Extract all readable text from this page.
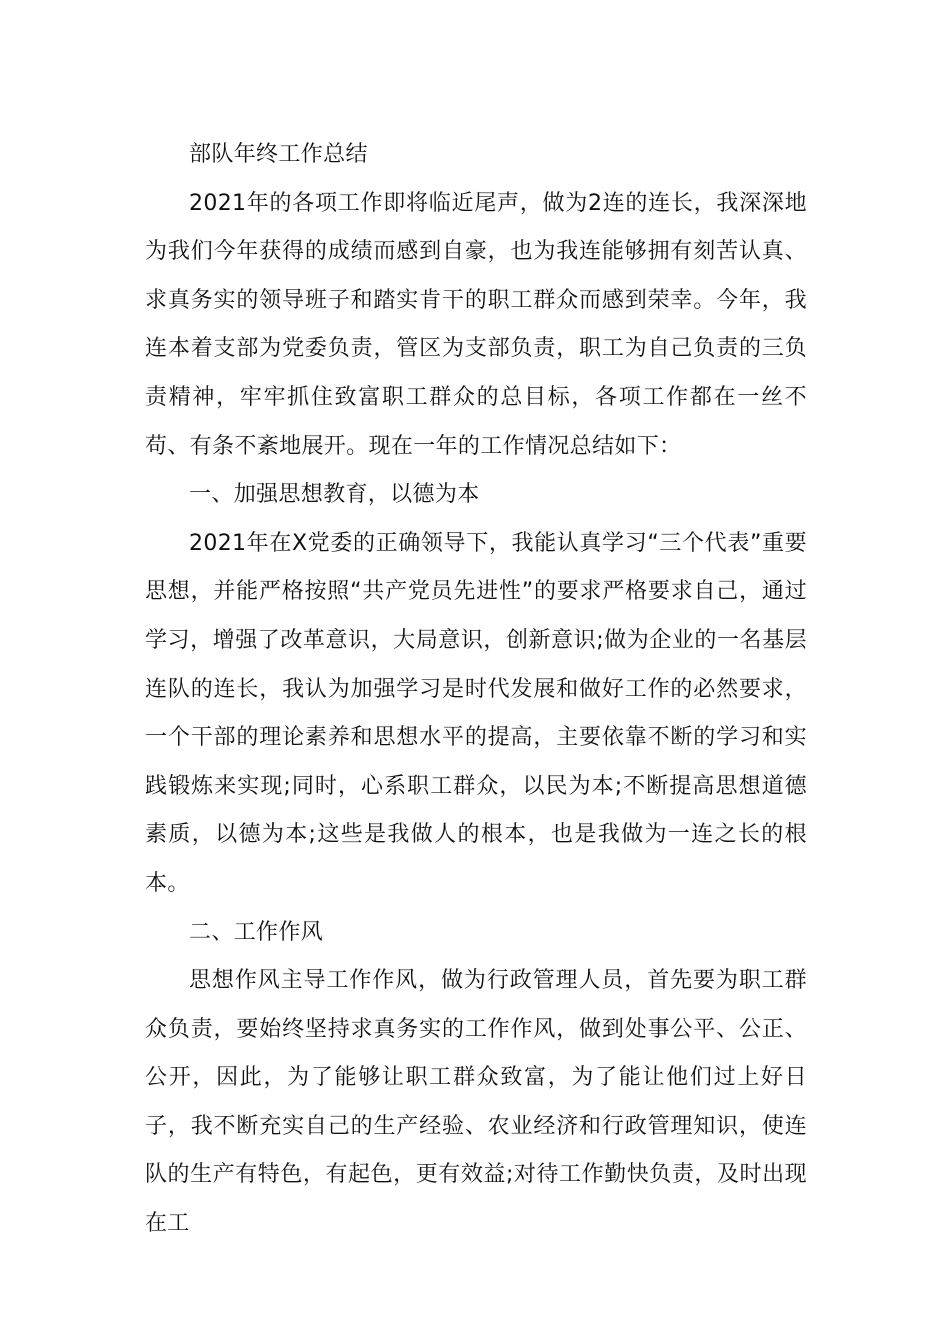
部队年终工作总结

2021年的各项工作即将临近尾声，做为2连的连长，我深深地为我们今年获得的成绩而感到自豪，也为我连能够拥有刻苦认真、求真务实的领导班子和踏实肯干的职工群众而感到荣幸。今年，我连本着支部为党委负责，管区为支部负责，职工为自己负责的三负责精神，牢牢抓住致富职工群众的总目标，各项工作都在一丝不苟、有条不紊地展开。现在一年的工作情况总结如下：

一、加强思想教育，以德为本

2021年在X党委的正确领导下，我能认真学习“三个代表”重要思想，并能严格按照“共产党员先进性”的要求严格要求自己，通过学习，增强了改革意识，大局意识，创新意识;做为企业的一名基层连队的连长，我认为加强学习是时代发展和做好工作的必然要求，一个干部的理论素养和思想水平的提高，主要依靠不断的学习和实践锻炼来实现;同时，心系职工群众，以民为本;不断提高思想道德素质，以德为本;这些是我做人的根本，也是我做为一连之长的根本。

二、工作作风

思想作风主导工作作风，做为行政管理人员，首先要为职工群众负责，要始终坚持求真务实的工作作风，做到处事公平、公正、公开，因此，为了能够让职工群众致富，为了能让他们过上好日子，我不断充实自己的生产经验、农业经济和行政管理知识，使连队的生产有特色，有起色，更有效益;对待工作勤快负责，及时出现在工
